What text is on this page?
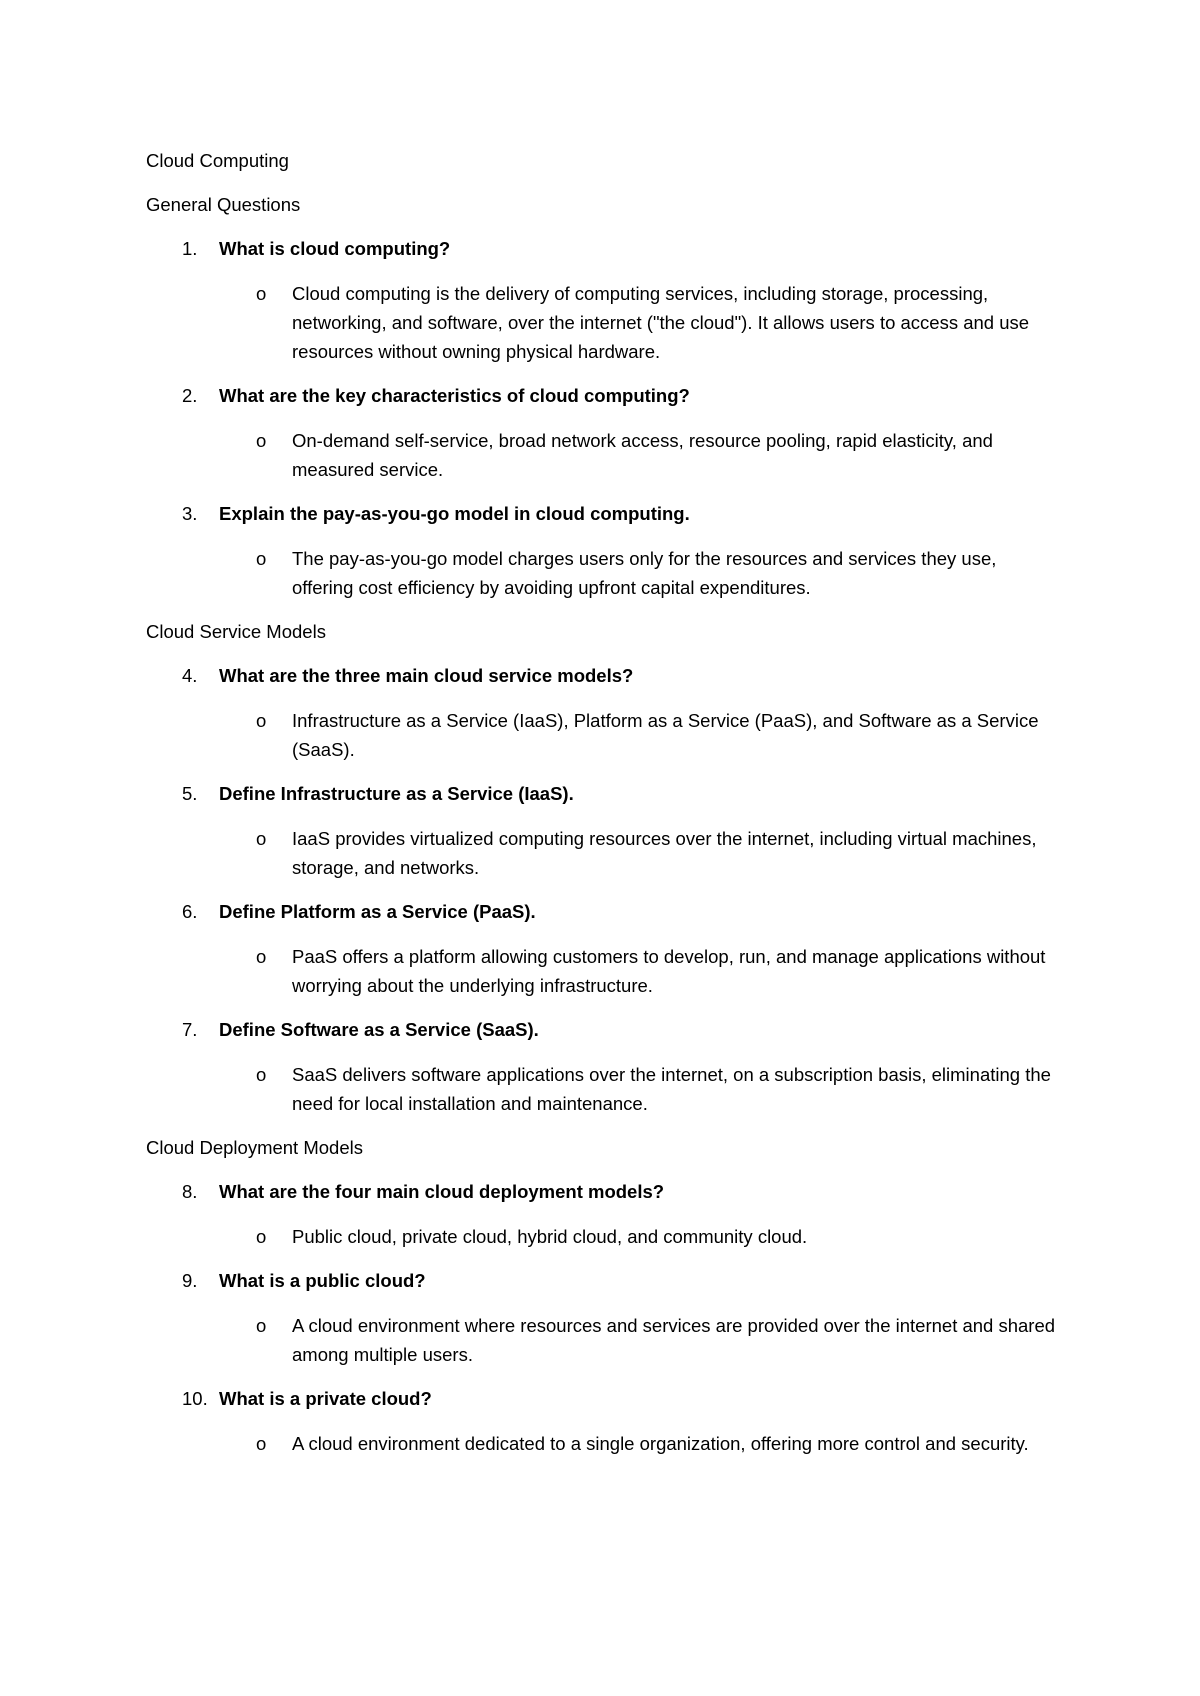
Cloud Computing
General Questions
1. What is cloud computing?
o Cloud computing is the delivery of computing services, including storage, processing, networking, and software, over the internet ("the cloud"). It allows users to access and use resources without owning physical hardware.
2. What are the key characteristics of cloud computing?
o On-demand self-service, broad network access, resource pooling, rapid elasticity, and measured service.
3. Explain the pay-as-you-go model in cloud computing.
o The pay-as-you-go model charges users only for the resources and services they use, offering cost efficiency by avoiding upfront capital expenditures.
Cloud Service Models
4. What are the three main cloud service models?
o Infrastructure as a Service (IaaS), Platform as a Service (PaaS), and Software as a Service (SaaS).
5. Define Infrastructure as a Service (IaaS).
o IaaS provides virtualized computing resources over the internet, including virtual machines, storage, and networks.
6. Define Platform as a Service (PaaS).
o PaaS offers a platform allowing customers to develop, run, and manage applications without worrying about the underlying infrastructure.
7. Define Software as a Service (SaaS).
o SaaS delivers software applications over the internet, on a subscription basis, eliminating the need for local installation and maintenance.
Cloud Deployment Models
8. What are the four main cloud deployment models?
o Public cloud, private cloud, hybrid cloud, and community cloud.
9. What is a public cloud?
o A cloud environment where resources and services are provided over the internet and shared among multiple users.
10. What is a private cloud?
o A cloud environment dedicated to a single organization, offering more control and security.
